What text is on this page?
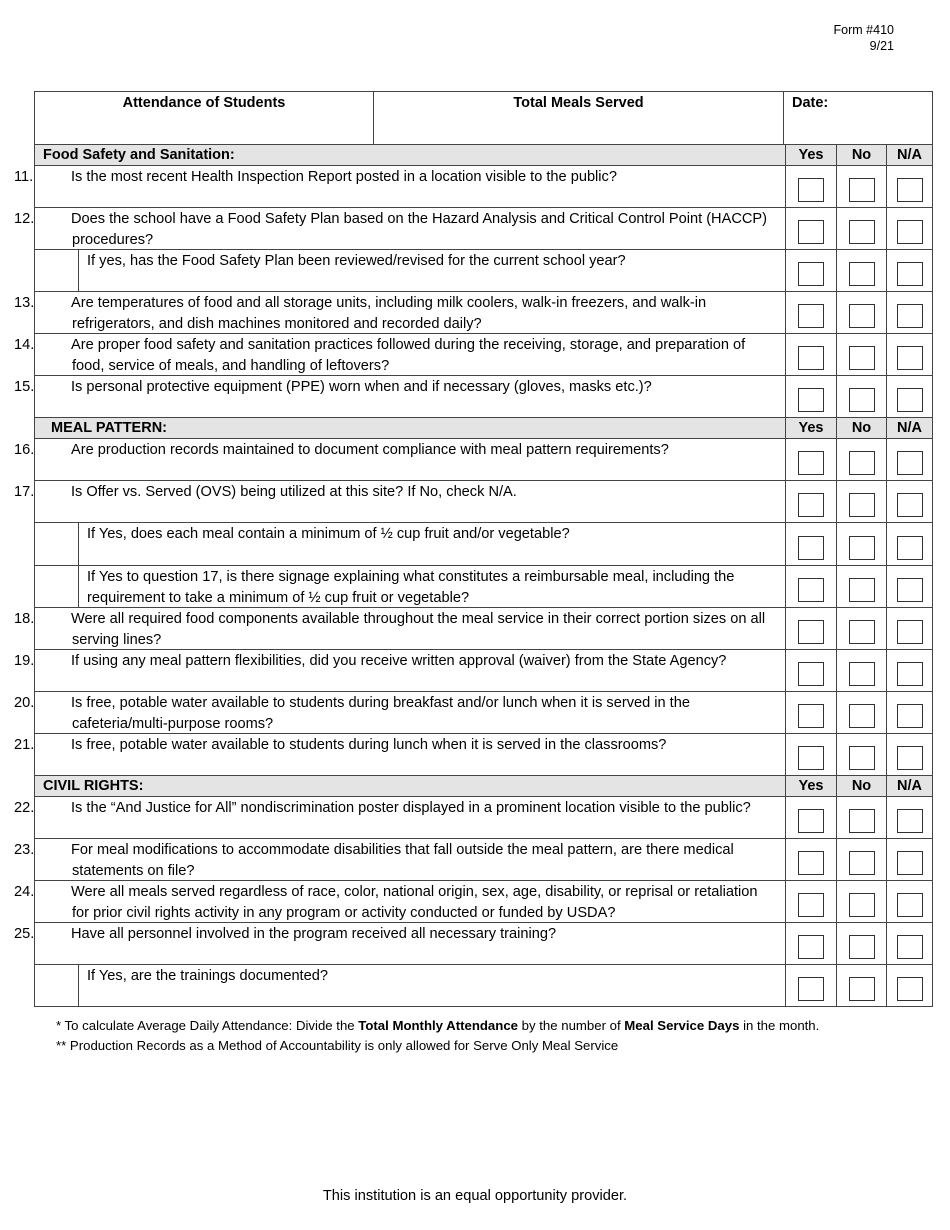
Form #410
9/21
Attendance of Students	Total Meals Served	Date:
Food Safety and Sanitation:	Yes	No	N/A
11.	Is the most recent Health Inspection Report posted in a location visible to the public?
12.	Does the school have a Food Safety Plan based on the Hazard Analysis and Critical Control Point (HACCP) procedures?
If yes, has the Food Safety Plan been reviewed/revised for the current school year?
13.	Are temperatures of food and all storage units, including milk coolers, walk-in freezers, and walk-in refrigerators, and dish machines monitored and recorded daily?
14.	Are proper food safety and sanitation practices followed during the receiving, storage, and preparation of food, service of meals, and handling of leftovers?
15.	Is personal protective equipment (PPE) worn when and if necessary (gloves, masks etc.)?
MEAL PATTERN:	Yes	No	N/A
16.	Are production records maintained to document compliance with meal pattern requirements?
17.	Is Offer vs. Served (OVS) being utilized at this site? If No, check N/A.
If Yes, does each meal contain a minimum of ½ cup fruit and/or vegetable?
If Yes to question 17, is there signage explaining what constitutes a reimbursable meal, including the requirement to take a minimum of ½ cup fruit or vegetable?
18.	Were all required food components available throughout the meal service in their correct portion sizes on all serving lines?
19.	If using any meal pattern flexibilities, did you receive written approval (waiver) from the State Agency?
20.	Is free, potable water available to students during breakfast and/or lunch when it is served in the cafeteria/multi-purpose rooms?
21.	Is free, potable water available to students during lunch when it is served in the classrooms?
CIVIL RIGHTS:	Yes	No	N/A
22.	Is the “And Justice for All” nondiscrimination poster displayed in a prominent location visible to the public?
23.	For meal modifications to accommodate disabilities that fall outside the meal pattern, are there medical statements on file?
24.	Were all meals served regardless of race, color, national origin, sex, age, disability, or reprisal or retaliation for prior civil rights activity in any program or activity conducted or funded by USDA?
25.	Have all personnel involved in the program received all necessary training?
If Yes, are the trainings documented?
* To calculate Average Daily Attendance: Divide the Total Monthly Attendance by the number of Meal Service Days in the month.
** Production Records as a Method of Accountability is only allowed for Serve Only Meal Service
This institution is an equal opportunity provider.
